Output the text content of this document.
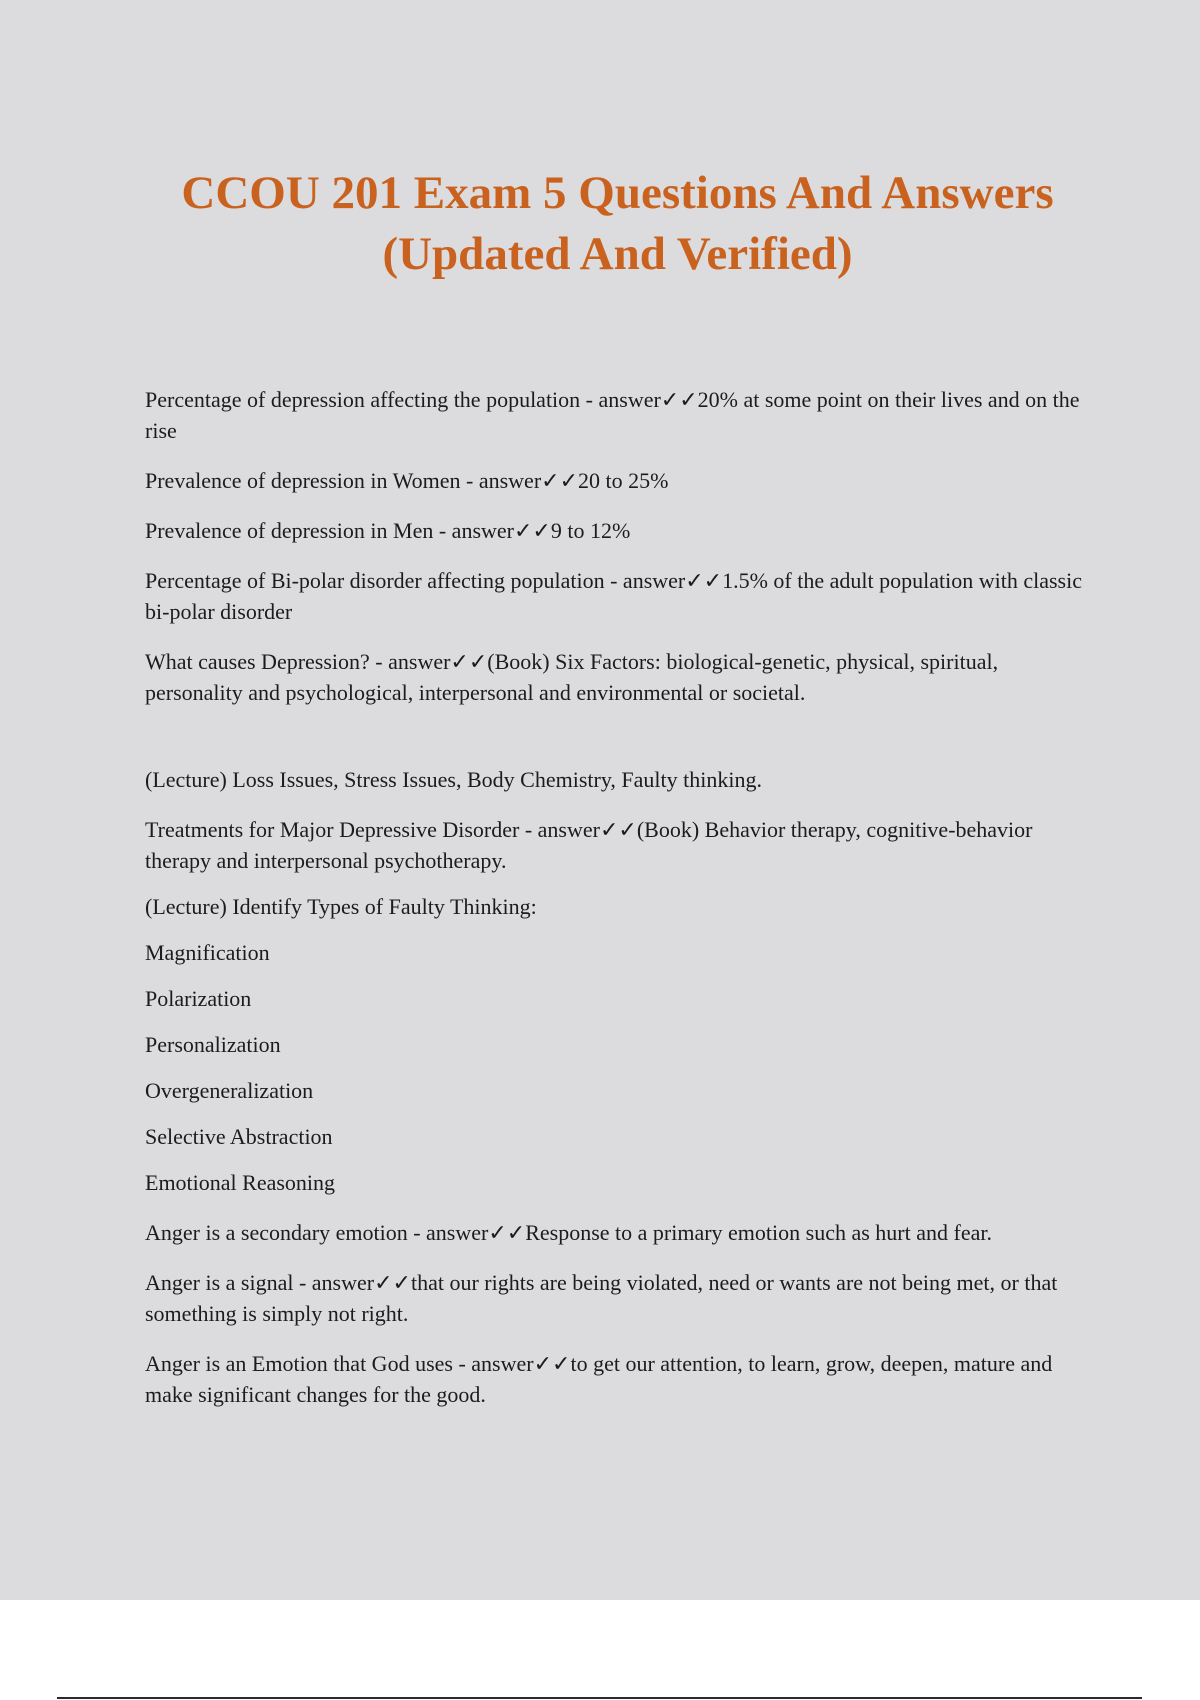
CCOU 201 Exam 5 Questions And Answers
(Updated And Verified)

Percentage of depression affecting the population - answer✓✓20% at some point on their lives and on the rise

Prevalence of depression in Women - answer✓✓20 to 25%

Prevalence of depression in Men - answer✓✓9 to 12%

Percentage of Bi-polar disorder affecting population - answer✓✓1.5% of the adult population with classic bi-polar disorder

What causes Depression? - answer✓✓(Book) Six Factors: biological-genetic, physical, spiritual, personality and psychological, interpersonal and environmental or societal.

(Lecture) Loss Issues, Stress Issues, Body Chemistry, Faulty thinking.

Treatments for Major Depressive Disorder - answer✓✓(Book) Behavior therapy, cognitive-behavior therapy and interpersonal psychotherapy.

(Lecture) Identify Types of Faulty Thinking:

Magnification

Polarization

Personalization

Overgeneralization

Selective Abstraction

Emotional Reasoning

Anger is a secondary emotion - answer✓✓Response to a primary emotion such as hurt and fear.

Anger is a signal - answer✓✓that our rights are being violated, need or wants are not being met, or that something is simply not right.

Anger is an Emotion that God uses - answer✓✓to get our attention, to learn, grow, deepen, mature and make significant changes for the good.
